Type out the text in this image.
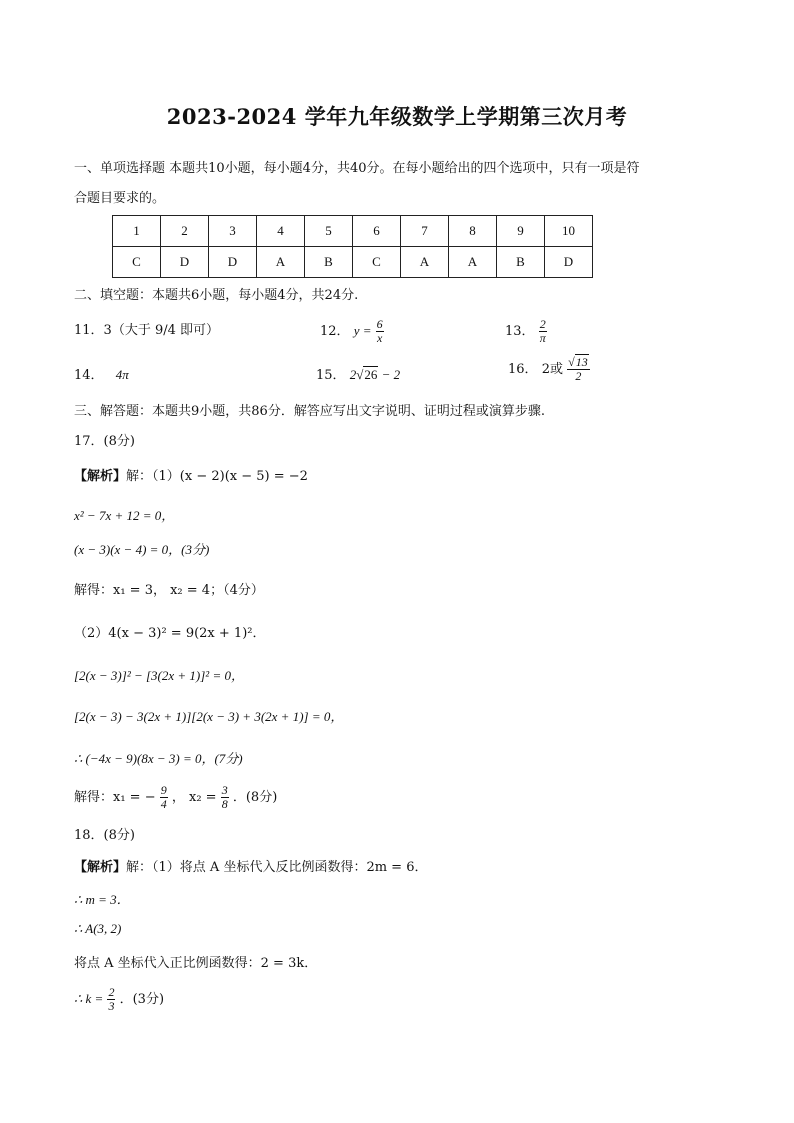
2023-2024 学年九年级数学上学期第三次月考
一、单项选择题 本题共10小题，每小题4分，共40分。在每小题给出的四个选项中，只有一项是符
合题目要求的。
1	2	3	4	5	6	7	8	9	10
C	D	D	A	B	C	A	A	B	D
二、填空题：本题共6小题，每小题4分，共24分.
11．3（大于 9/4 即可）	12． $y = \frac{6}{x}$	13． $\frac{2}{\pi}$
14． 4π	15． 2√26 − 2	16． 2或 $\frac{√13}{2}$
三、解答题：本题共9小题，共86分．解答应写出文字说明、证明过程或演算步骤.
17．(8分)
【解析】解：（1）(x − 2)(x − 5) = −2
x² − 7x + 12 = 0，
(x − 3)(x − 4) = 0，(3分)
解得：x₁ = 3， x₂ = 4；（4分）
（2）4(x − 3)² = 9(2x + 1)²．
[2(x − 3)]² − [3(2x + 1)]² = 0，
[2(x − 3) − 3(2x + 1)][2(x − 3) + 3(2x + 1)] = 0，
∴ (−4x − 9)(8x − 3) = 0，(7分)
解得：x₁ = − $\frac{9}{4}$ ， $x_2 = \frac{3}{8}$ ．(8分)
18．(8分)
【解析】解：（1）将点 A 坐标代入反比例函数得：2m = 6．
∴ m = 3．
∴ A(3, 2)
将点 A 坐标代入正比例函数得：2 = 3k．
∴ $k = \frac{2}{3}$ ．(3分)
